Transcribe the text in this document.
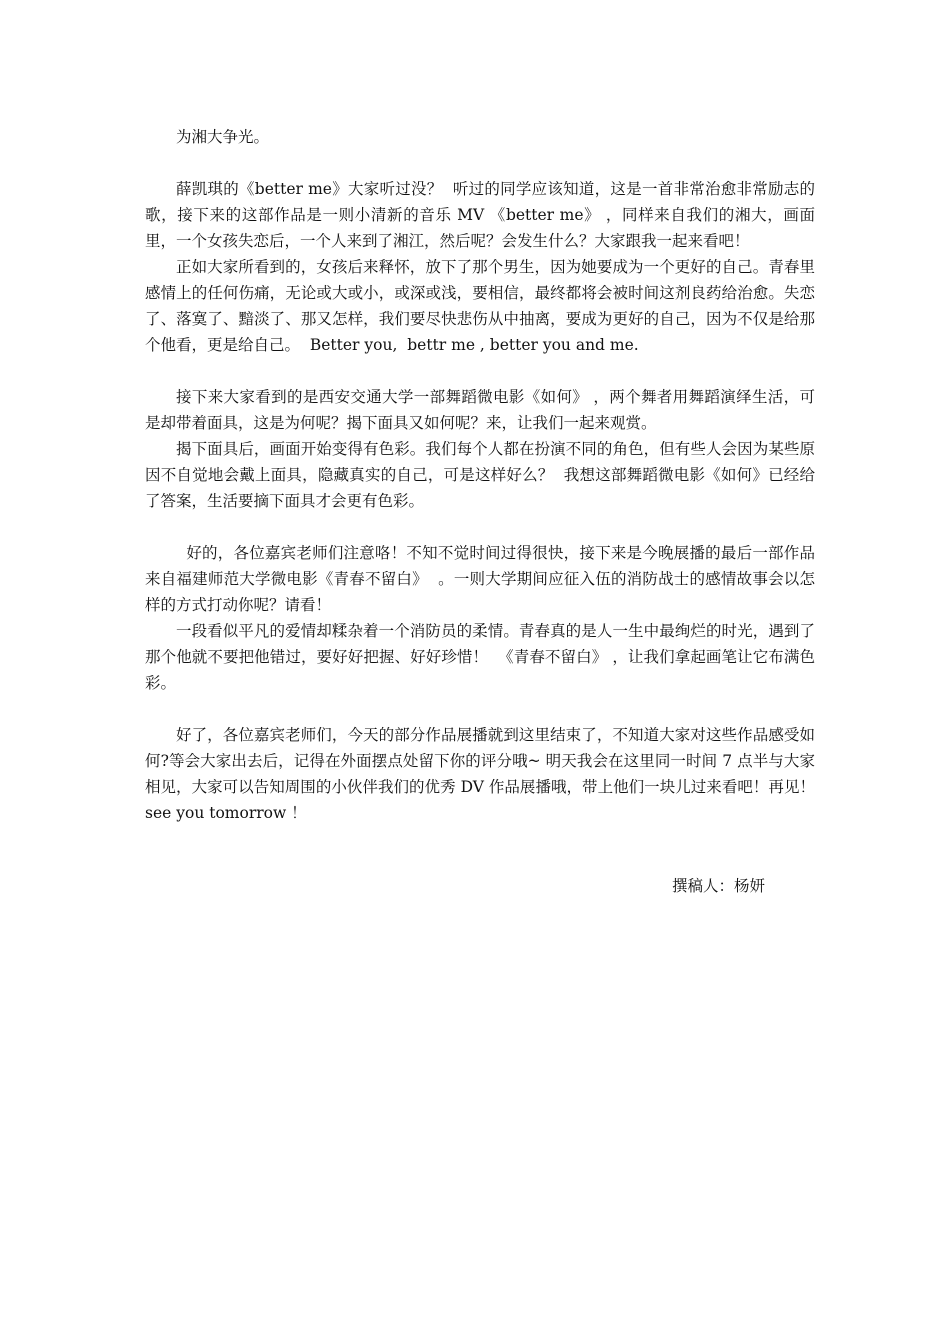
为湘大争光。

薛凯琪的《better me》大家听过没？  听过的同学应该知道，这是一首非常治愈非常励志的歌，接下来的这部作品是一则小清新的音乐 MV 《better me》 ，同样来自我们的湘大，画面里，一个女孩失恋后，一个人来到了湘江，然后呢？会发生什么？大家跟我一起来看吧！

正如大家所看到的，女孩后来释怀，放下了那个男生，因为她要成为一个更好的自己。青春里感情上的任何伤痛，无论或大或小，或深或浅，要相信，最终都将会被时间这剂良药给治愈。失恋了、落寞了、黯淡了、那又怎样，我们要尽快悲伤从中抽离，要成为更好的自己，因为不仅是给那个他看，更是给自己。  Better you,  bettr me , better you and me.

接下来大家看到的是西安交通大学一部舞蹈微电影《如何》 ，两个舞者用舞蹈演绎生活，可是却带着面具，这是为何呢？揭下面具又如何呢？来，让我们一起来观赏。

揭下面具后，画面开始变得有色彩。我们每个人都在扮演不同的角色，但有些人会因为某些原因不自觉地会戴上面具，隐藏真实的自己，可是这样好么？  我想这部舞蹈微电影《如何》已经给了答案，生活要摘下面具才会更有色彩。

好的，各位嘉宾老师们注意咯！不知不觉时间过得很快，接下来是今晚展播的最后一部作品  来自福建师范大学微电影《青春不留白》  。一则大学期间应征入伍的消防战士的感情故事会以怎样的方式打动你呢？请看！

一段看似平凡的爱情却糅杂着一个消防员的柔情。青春真的是人一生中最绚烂的时光，遇到了那个他就不要把他错过，要好好把握、好好珍惜！  《青春不留白》 ，让我们拿起画笔让它布满色彩。

好了，各位嘉宾老师们，今天的部分作品展播就到这里结束了，不知道大家对这些作品感受如何?等会大家出去后，记得在外面摆点处留下你的评分哦~ 明天我会在这里同一时间 7 点半与大家相见，大家可以告知周围的小伙伴我们的优秀 DV 作品展播哦，带上他们一块儿过来看吧！再见！see you tomorrow ！

撰稿人：杨妍
